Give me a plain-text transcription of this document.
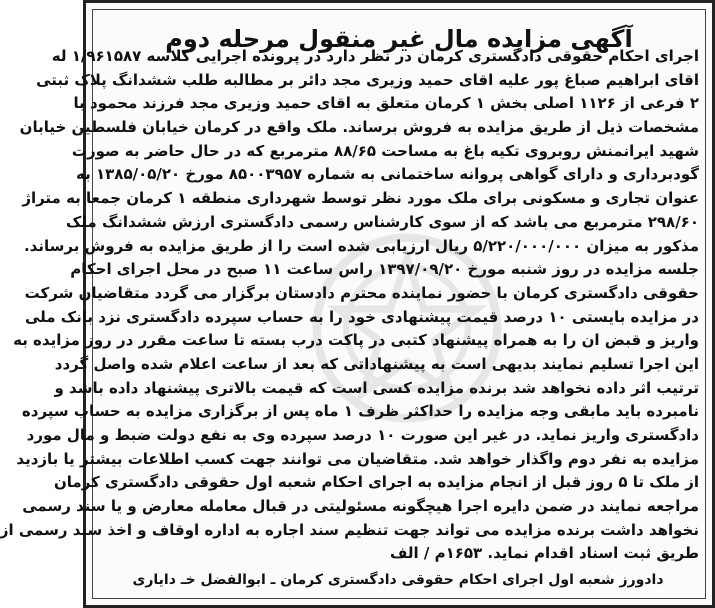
آگهی مزایده مال غیر منقول مرحله دوم
اجرای احکام حقوقی دادگستری کرمان در نظر دارد در پرونده اجرایی کلاسه ۱/۹۶۱۵۸۷ له
اقای ابراهیم صباغ پور علیه اقای حمید وزیری مجد دائر بر مطالبه طلب ششدانگ پلاک ثبتی
۲ فرعی از ۱۱۲۶ اصلی بخش ۱ کرمان متعلق به اقای حمید وزیری مجد فرزند محمود با
مشخصات ذیل از طریق مزایده به فروش برساند. ملک واقع در کرمان خیابان فلسطین خیابان
شهید ایرانمنش روبروی تکیه باغ به مساحت ۸۸/۶۵ مترمربع که در حال حاضر به صورت
گودبرداری و دارای گواهی پروانه ساختمانی به شماره ۸۵۰۰۳۹۵۷ مورخ ۱۳۸۵/۰۵/۲۰ به
عنوان تجاری و مسکونی برای ملک مورد نظر توسط شهرداری منطقه ۱ کرمان جمعا به متراژ
۲۹۸/۶۰ مترمربع می باشد که از سوی کارشناس رسمی دادگستری ارزش ششدانگ ملک
مذکور به میزان ۵/۲۲۰/۰۰۰/۰۰۰ ریال ارزیابی شده است را از طریق مزایده به فروش برساند.
جلسه مزایده در روز شنبه مورخ ۱۳۹۷/۰۹/۲۰ راس ساعت ۱۱ صبح در محل اجرای احکام
حقوقی دادگستری کرمان با حضور نماینده محترم دادستان برگزار می گردد متقاضیان شرکت
در مزایده بایستی ۱۰ درصد قیمت پیشنهادی خود را به حساب سپرده دادگستری نزد بانک ملی
واریز و قبض ان را به همراه پیشنهاد کتبی در پاکت درب بسته تا ساعت مقرر در روز مزایده به
این اجرا تسلیم نمایند بدیهی است به پیشنهاداتی که بعد از ساعت اعلام شده واصل گردد
ترتیب اثر داده نخواهد شد برنده مزایده کسی است که قیمت بالاتری پیشنهاد داده باشد و
نامبرده باید مابقی وجه مزایده را حداکثر ظرف ۱ ماه پس از برگزاری مزایده به حساب سپرده
دادگستری واریز نماید. در غیر این صورت ۱۰ درصد سپرده وی به نفع دولت ضبط و مال مورد
مزایده به نفر دوم واگذار خواهد شد. متقاضیان می توانند جهت کسب اطلاعات بیشتر یا بازدید
از ملک تا ۵ روز قبل از انجام مزایده به اجرای احکام شعبه اول حقوقی دادگستری کرمان
مراجعه نمایند در ضمن دایره اجرا هیچگونه مسئولیتی در قبال معامله معارض و یا سند رسمی
نخواهد داشت برنده مزایده می تواند جهت تنظیم سند اجاره به اداره اوقاف و اخذ سند رسمی از
طریق ثبت اسناد اقدام نماید. ۱۶۵۳م / الف
دادورز شعبه اول اجرای احکام حقوقی دادگستری کرمان ـ ابوالفضل خـ دایاری
